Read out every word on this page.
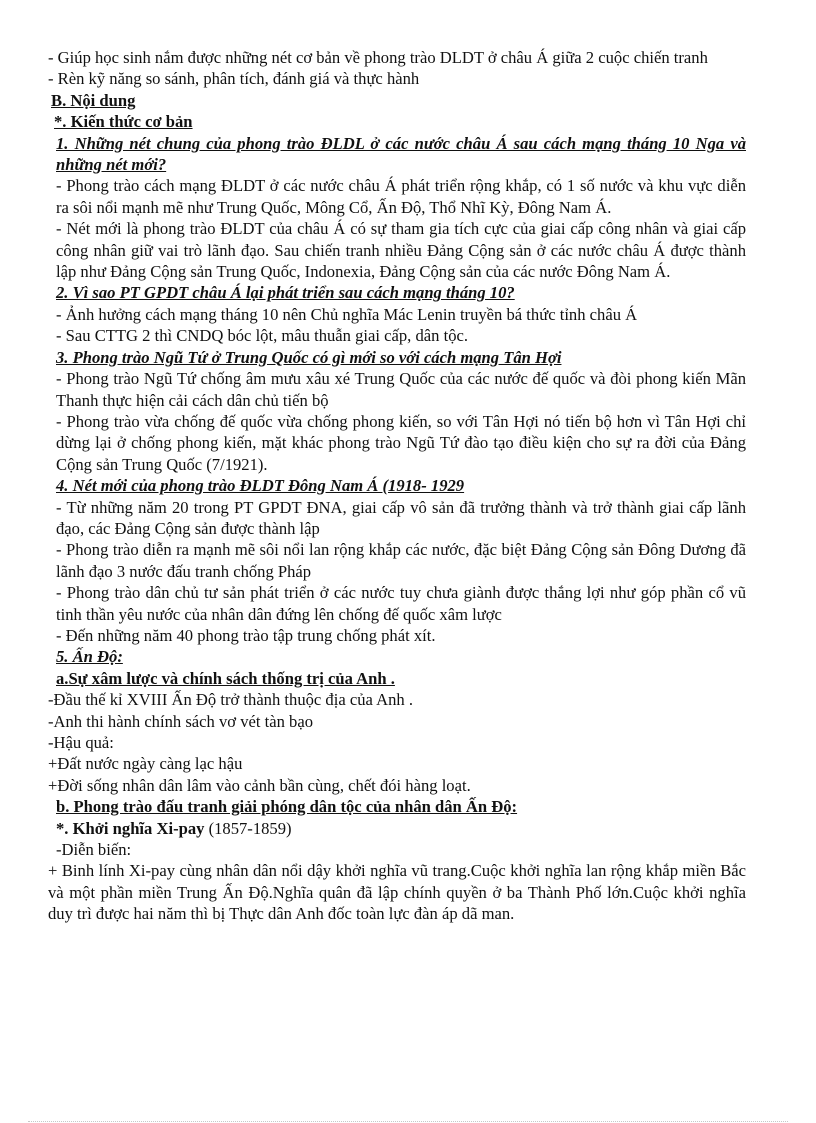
- Giúp học sinh nắm được những nét cơ bản về phong trào DLDT ở châu Á giữa 2 cuộc chiến tranh

- Rèn kỹ năng so sánh, phân tích, đánh giá và thực hành

B. Nội dung

*. Kiến thức cơ bản

1. Những nét chung của phong trào ĐLDL ở các nước châu Á sau cách mạng tháng 10 Nga và những nét mới?

- Phong trào cách mạng ĐLDT ở các nước châu Á phát triển rộng khắp, có 1 số nước và khu vực diễn ra sôi nổi mạnh mẽ như Trung Quốc, Mông Cổ, Ấn Độ, Thổ Nhĩ Kỳ, Đông Nam Á.

- Nét mới là phong trào ĐLDT của châu Á có sự tham gia tích cực của giai cấp công nhân và giai cấp công nhân giữ vai trò lãnh đạo. Sau chiến tranh nhiều Đảng Cộng sản ở các nước châu Á được thành lập như Đảng Cộng sản Trung Quốc, Indonexia, Đảng Cộng sản của các nước Đông Nam Á.

2. Vì sao PT GPDT châu Á lại phát triển sau cách mạng tháng 10?

- Ảnh hưởng cách mạng tháng 10 nên Chủ nghĩa Mác Lenin truyền bá thức tỉnh châu Á

- Sau CTTG 2 thì CNDQ bóc lột, mâu thuẫn giai cấp, dân tộc.

3. Phong trào Ngũ Tứ ở Trung Quốc có gì mới so với cách mạng Tân Hợi

- Phong trào Ngũ Tứ chống âm mưu xâu xé Trung Quốc của các nước đế quốc và đòi phong kiến Mãn Thanh thực hiện cải cách dân chủ tiến bộ

- Phong trào vừa chống đế quốc vừa chống phong kiến, so với Tân Hợi nó tiến bộ hơn vì Tân Hợi chỉ dừng lại ở chống phong kiến, mặt khác phong trào Ngũ Tứ đào tạo điều kiện cho sự ra đời của Đảng Cộng sản Trung Quốc (7/1921).

4. Nét mới của phong trào ĐLDT Đông Nam Á (1918- 1929

- Từ những năm 20 trong PT GPDT ĐNA, giai cấp vô sản đã trưởng thành và trở thành giai cấp lãnh đạo, các Đảng Cộng sản được thành lập

- Phong trào diễn ra mạnh mẽ sôi nổi lan rộng khắp các nước, đặc biệt Đảng Cộng sản Đông Dương đã lãnh đạo 3 nước đấu tranh chống Pháp

- Phong trào dân chủ tư sản phát triển ở các nước tuy chưa giành được thắng lợi như góp phần cổ vũ tinh thần yêu nước của nhân dân đứng lên chống đế quốc xâm lược

- Đến những năm 40 phong trào tập trung chống phát xít.

5. Ấn Độ:

a.Sự xâm lược và chính sách thống trị của Anh .

-Đầu thế kỉ XVIII Ấn Độ trở thành thuộc địa của Anh .

-Anh thi hành chính sách vơ vét tàn bạo

-Hậu quả:

+Đất nước ngày càng lạc hậu

+Đời sống nhân dân lâm vào cảnh bần cùng, chết đói hàng loạt.

b. Phong trào đấu tranh giải phóng dân tộc của nhân dân Ấn Độ:

*. Khởi nghĩa Xi-pay (1857-1859)

-Diễn biến:

+ Binh lính Xi-pay cùng nhân dân nổi dậy khởi nghĩa vũ trang.Cuộc khởi nghĩa lan rộng khắp miền Bắc và một phần miền Trung Ấn Độ.Nghĩa quân đã lập chính quyền ở ba Thành Phố lớn.Cuộc khởi nghĩa duy trì được hai năm thì bị Thực dân Anh đốc toàn lực đàn áp dã man.
